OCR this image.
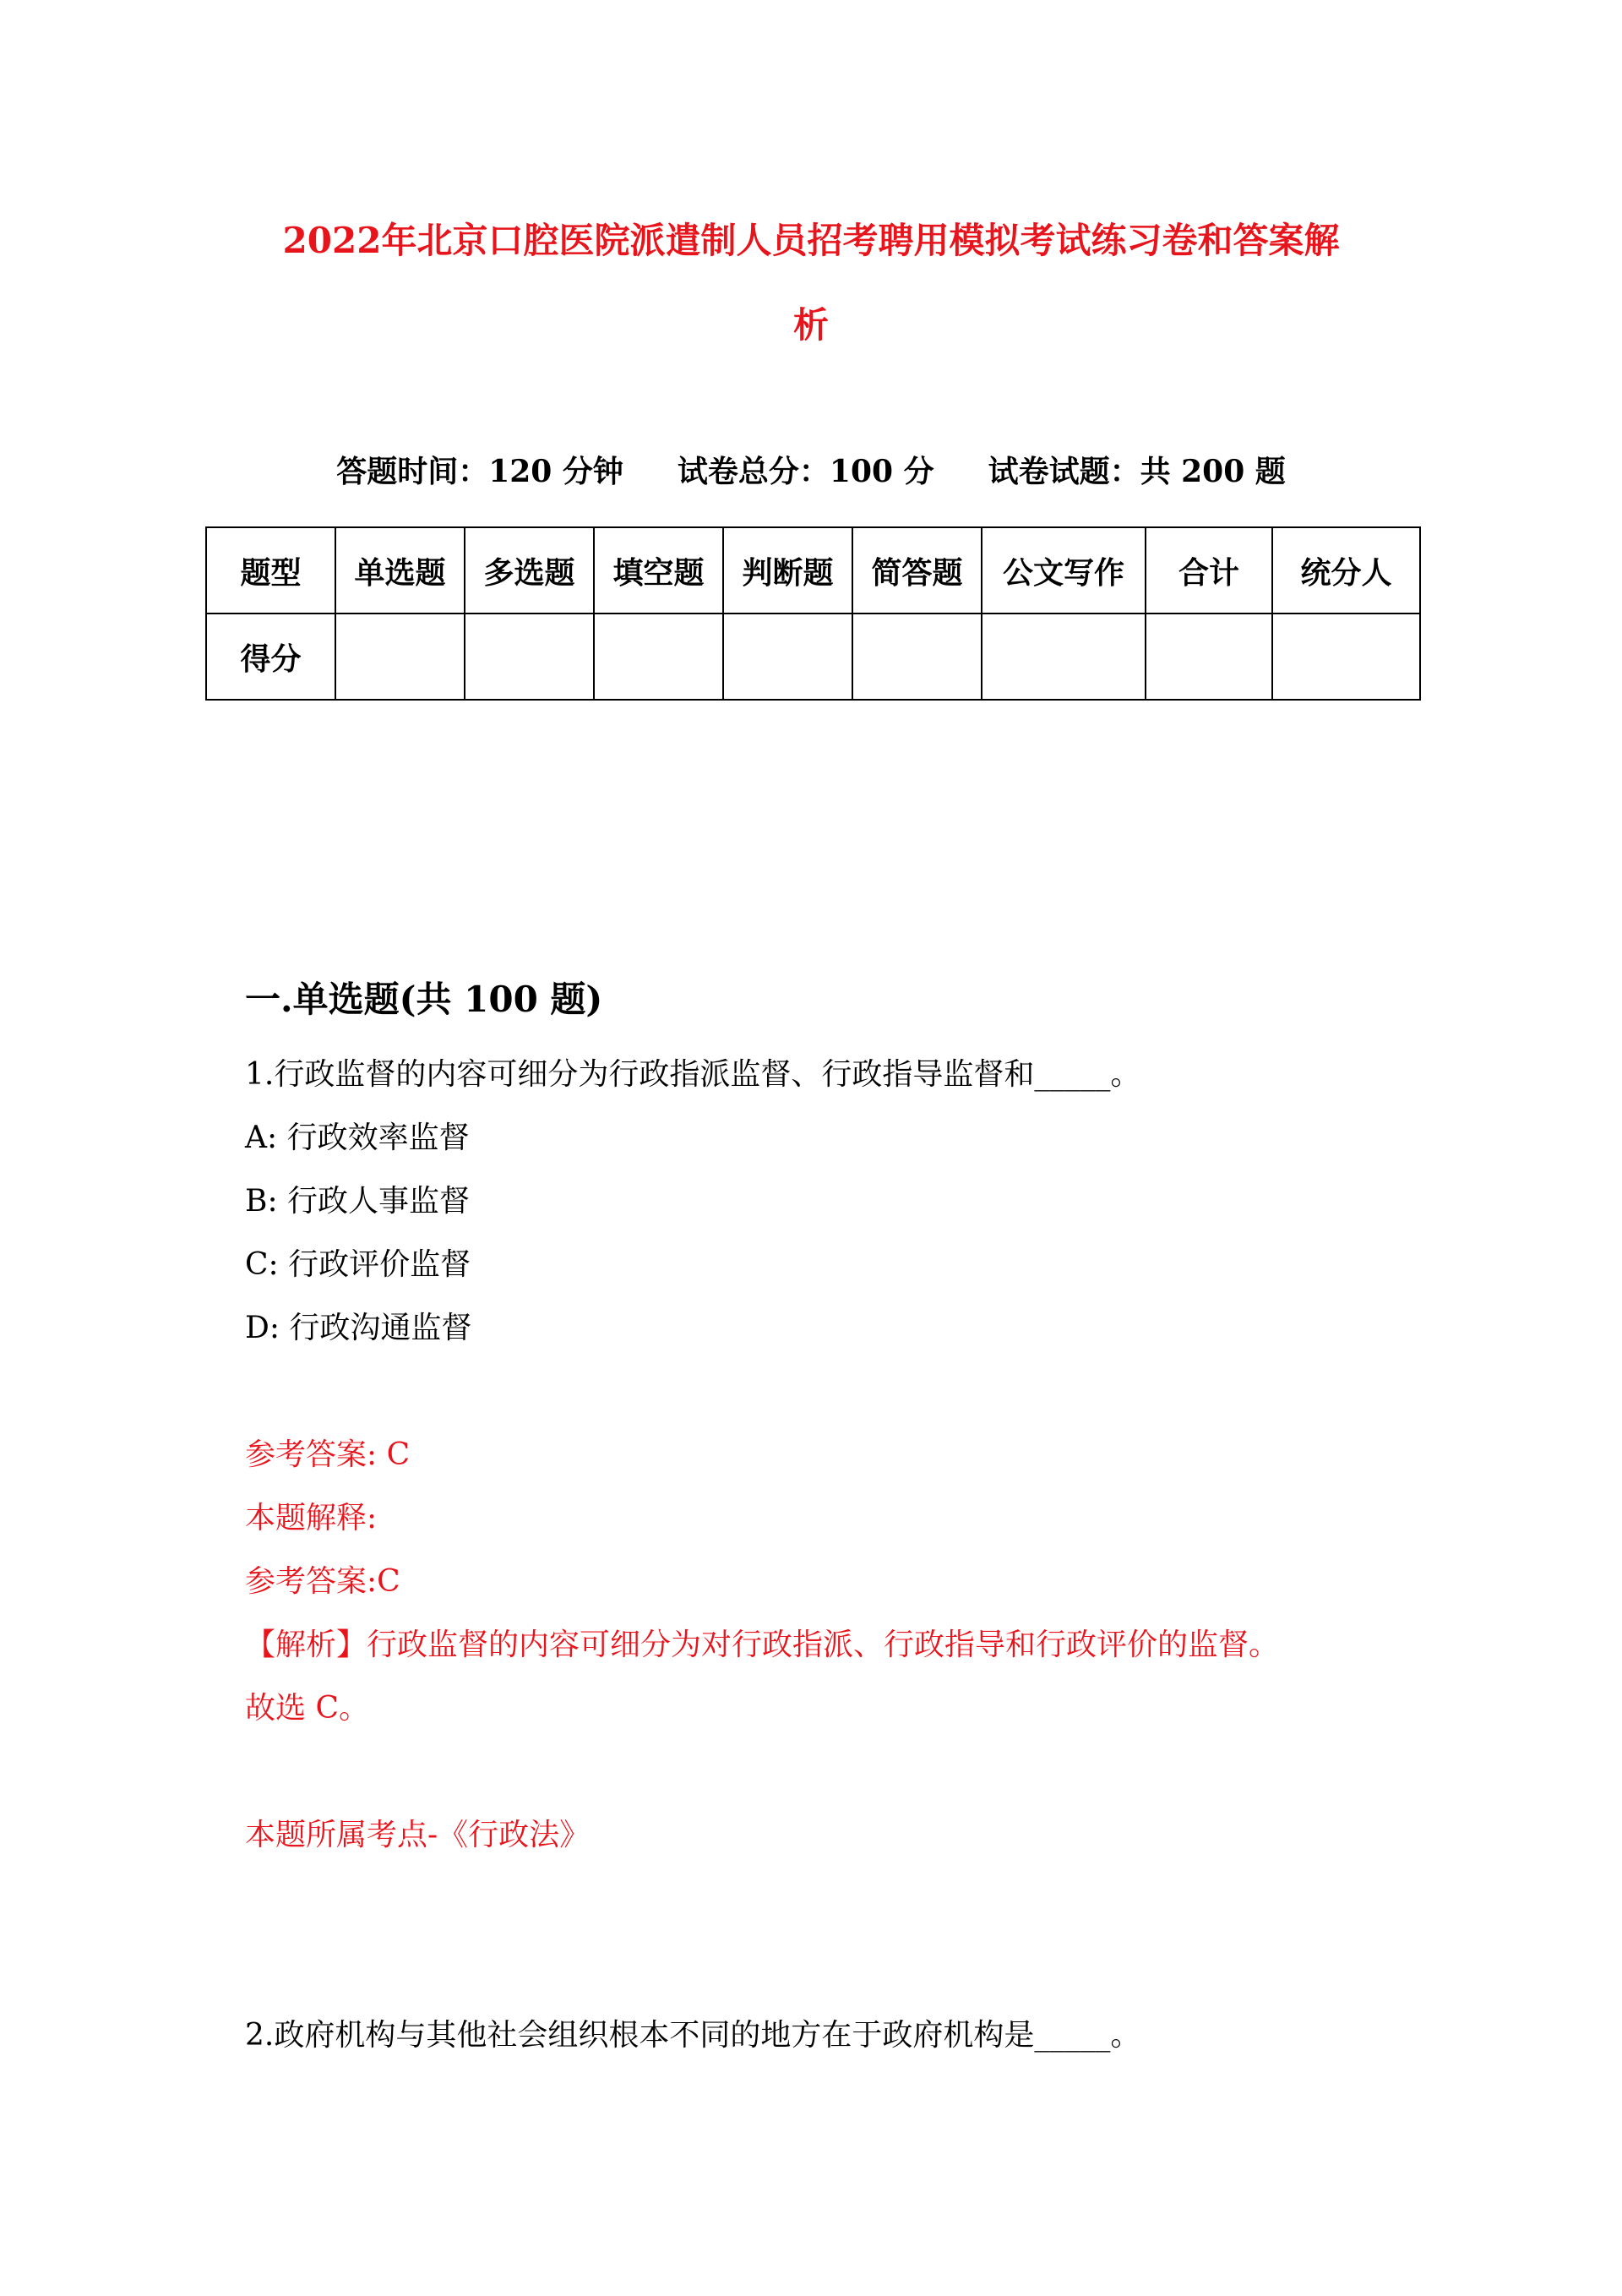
2022年北京口腔医院派遣制人员招考聘用模拟考试练习卷和答案解
析
答题时间：120 分钟 试卷总分：100 分 试卷试题：共 200 题
题型	单选题	多选题	填空题	判断题	简答题	公文写作	合计	统分人
得分								
一.单选题(共 100 题)
1.行政监督的内容可细分为行政指派监督、行政指导监督和_____。
A: 行政效率监督
B: 行政人事监督
C: 行政评价监督
D: 行政沟通监督
参考答案: C
本题解释:
参考答案:C
【解析】行政监督的内容可细分为对行政指派、行政指导和行政评价的监督。
故选 C。
本题所属考点-《行政法》
2.政府机构与其他社会组织根本不同的地方在于政府机构是_____。
